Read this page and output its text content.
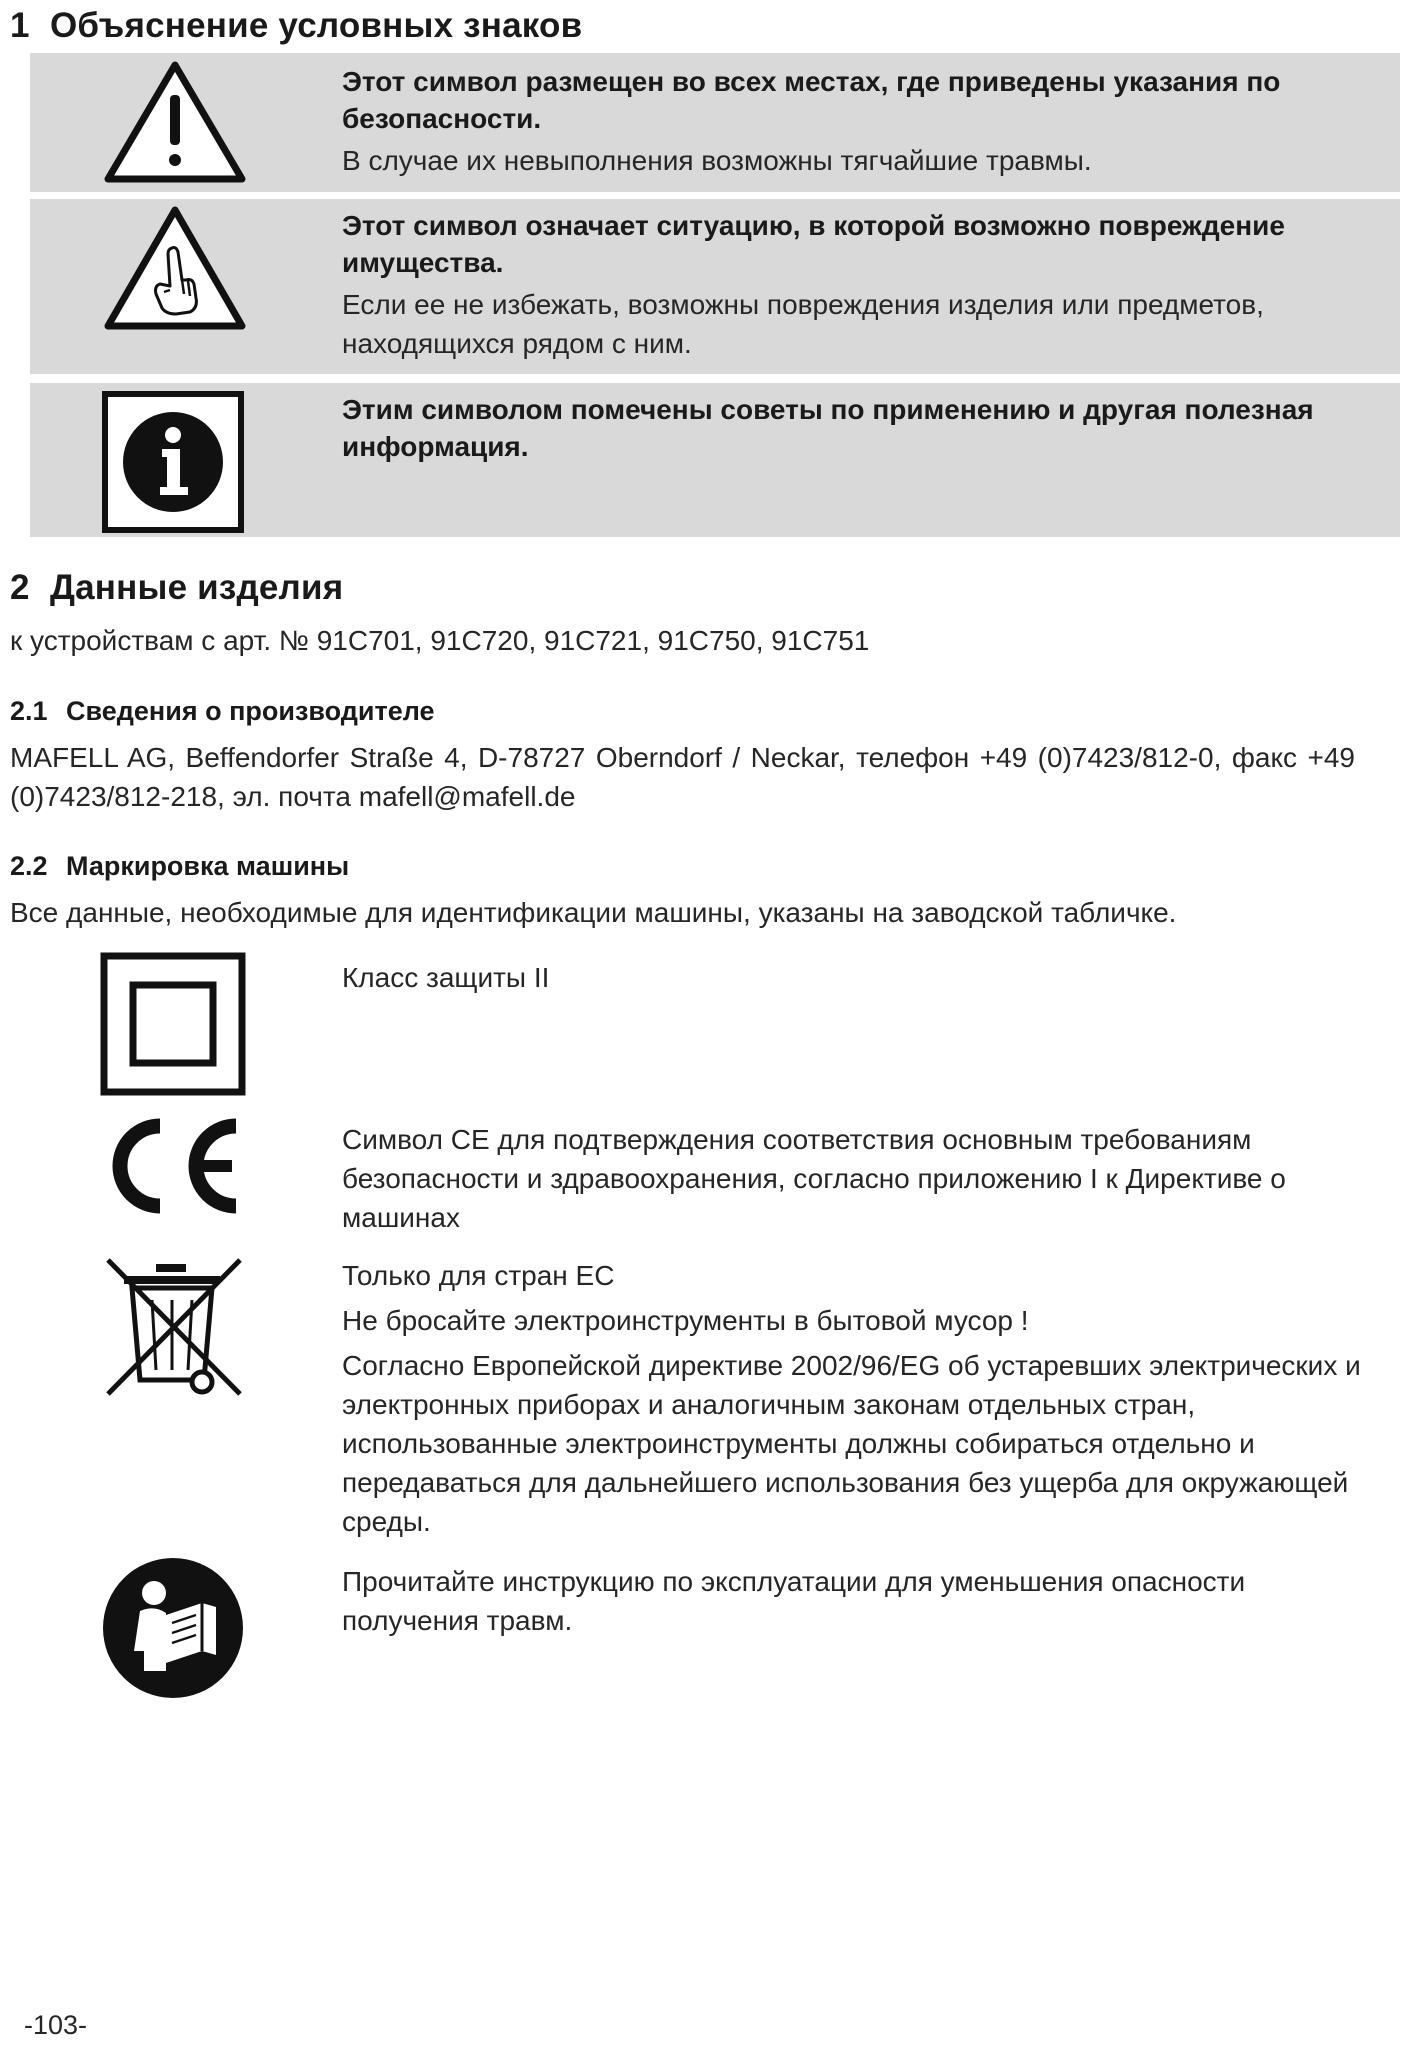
1 Объяснение условных знаков
Этот символ размещен во всех местах, где приведены указания по безопасности.
В случае их невыполнения возможны тягчайшие травмы.
Этот символ означает ситуацию, в которой возможно повреждение имущества.
Если ее не избежать, возможны повреждения изделия или предметов, находящихся рядом с ним.
Этим символом помечены советы по применению и другая полезная информация.
2 Данные изделия
к устройствам с арт. № 91C701, 91C720, 91C721, 91C750, 91C751
2.1 Сведения о производителе
MAFELL AG, Beffendorfer Straße 4, D-78727 Oberndorf / Neckar, телефон +49 (0)7423/812-0, факс +49 (0)7423/812-218, эл. почта mafell@mafell.de
2.2 Маркировка машины
Все данные, необходимые для идентификации машины, указаны на заводской табличке.
Класс защиты II
Символ CE для подтверждения соответствия основным требованиям безопасности и здравоохранения, согласно приложению I к Директиве о машинах
Только для стран ЕС
Не бросайте электроинструменты в бытовой мусор !
Согласно Европейской директиве 2002/96/EG об устаревших электрических и электронных приборах и аналогичным законам отдельных стран, использованные электроинструменты должны собираться отдельно и передаваться для дальнейшего использования без ущерба для окружающей среды.
Прочитайте инструкцию по эксплуатации для уменьшения опасности получения травм.
-103-
